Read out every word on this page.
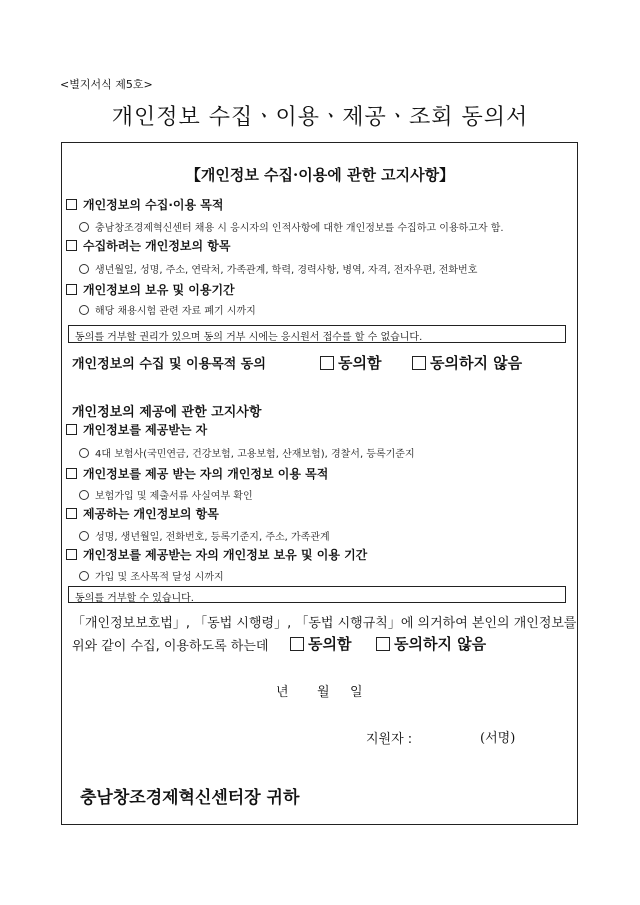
<별지서식 제5호>
개인정보 수집ㆍ이용ㆍ제공ㆍ조회 동의서
【개인정보 수집·이용에 관한 고지사항】
개인정보의 수집·이용 목적
충남창조경제혁신센터 채용 시 응시자의 인적사항에 대한 개인정보를 수집하고 이용하고자 함.
수집하려는 개인정보의 항목
생년월일, 성명, 주소, 연락처, 가족관계, 학력, 경력사항, 병역, 자격, 전자우편, 전화번호
개인정보의 보유 및 이용기간
해당 채용시험 관련 자료 폐기 시까지
동의를 거부할 권리가 있으며 동의 거부 시에는 응시원서 접수를 할 수 없습니다.
개인정보의 수집 및 이용목적 동의	동의함	동의하지 않음
개인정보의 제공에 관한 고지사항
개인정보를 제공받는 자
4대 보험사(국민연금, 건강보험, 고용보험, 산재보험), 경찰서, 등록기준지
개인정보를 제공 받는 자의 개인정보 이용 목적
보험가입 및 제출서류 사실여부 확인
제공하는 개인정보의 항목
성명, 생년월일, 전화번호, 등록기준지, 주소, 가족관계
개인정보를 제공받는 자의 개인정보 보유 및 이용 기간
가입 및 조사목적 달성 시까지
동의를 거부할 수 있습니다.
「개인정보보호법」, 「동법 시행령」, 「동법 시행규칙」에 의거하여 본인의 개인정보를
위와 같이 수집, 이용하도록 하는데	동의함	동의하지 않음
년 월 일
지원자 :	(서명)
충남창조경제혁신센터장 귀하
